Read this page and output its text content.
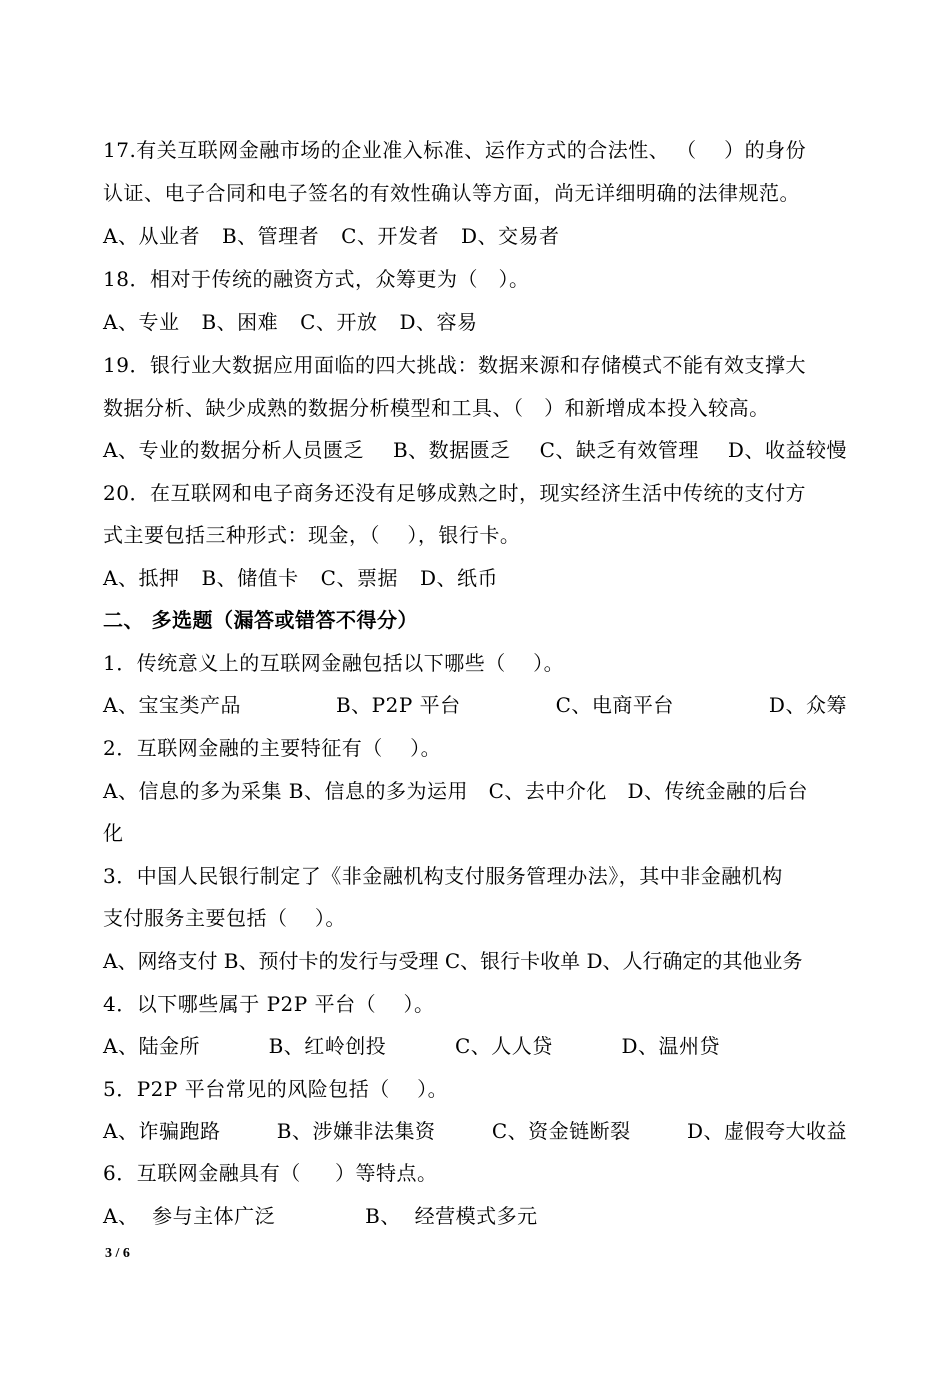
17.有关互联网金融市场的企业准入标准、运作方式的合法性、 （    ）的身份
认证、电子合同和电子签名的有效性确认等方面，尚无详细明确的法律规范。
A、从业者 B、管理者 C、开发者 D、交易者
18．相对于传统的融资方式，众筹更为（   ）。
A、专业 B、困难 C、开放 D、容易
19．银行业大数据应用面临的四大挑战：数据来源和存储模式不能有效支撑大
数据分析、缺少成熟的数据分析模型和工具、（   ）和新增成本投入较高。
A、专业的数据分析人员匮乏 B、数据匮乏 C、缺乏有效管理 D、收益较慢
20．在互联网和电子商务还没有足够成熟之时，现实经济生活中传统的支付方
式主要包括三种形式：现金，（    ），银行卡。
A、抵押 B、储值卡 C、票据 D、纸币
二、 多选题（漏答或错答不得分）
1．传统意义上的互联网金融包括以下哪些（    ）。
A、宝宝类产品	B、P2P 平台	C、电商平台	D、众筹
2．互联网金融的主要特征有（    ）。
A、信息的多为采集 B、信息的多为运用   C、去中介化   D、传统金融的后台
化
3．中国人民银行制定了《非金融机构支付服务管理办法》，其中非金融机构
支付服务主要包括（    ）。
A、网络支付 B、预付卡的发行与受理 C、银行卡收单 D、人行确定的其他业务
4．以下哪些属于 P2P 平台（    ）。
A、陆金所	B、红岭创投	C、人人贷	D、温州贷
5．P2P 平台常见的风险包括（    ）。
A、诈骗跑路	B、涉嫌非法集资	C、资金链断裂	D、虚假夸大收益
6．互联网金融具有（     ）等特点。
A、  参与主体广泛	B、  经营模式多元
3 / 6
